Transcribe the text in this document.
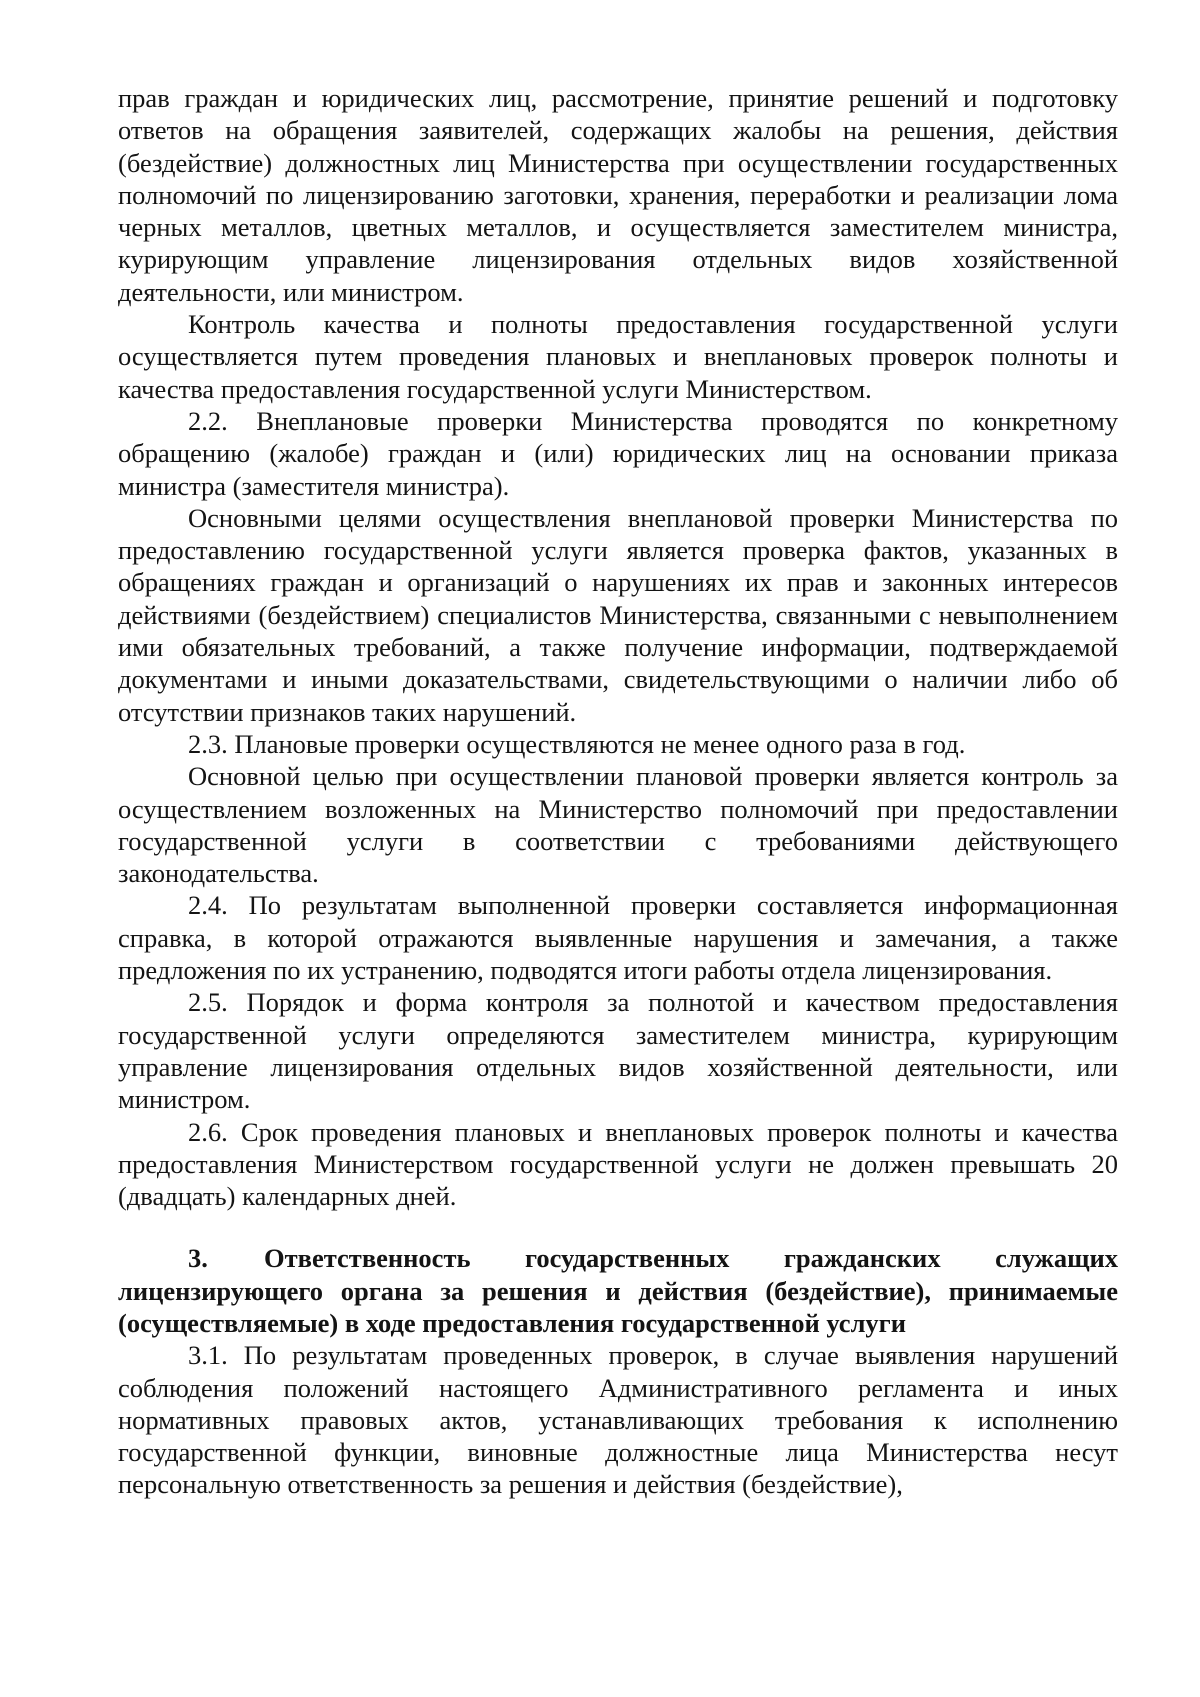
прав граждан и юридических лиц, рассмотрение, принятие решений и подготовку ответов на обращения заявителей, содержащих жалобы на решения, действия (бездействие) должностных лиц Министерства при осуществлении государственных полномочий по лицензированию заготовки, хранения, переработки и реализации лома черных металлов, цветных металлов, и осуществляется заместителем министра, курирующим управление лицензирования отдельных видов хозяйственной деятельности, или министром.

Контроль качества и полноты предоставления государственной услуги осуществляется путем проведения плановых и внеплановых проверок полноты и качества предоставления государственной услуги Министерством.

2.2. Внеплановые проверки Министерства проводятся по конкретному обращению (жалобе) граждан и (или) юридических лиц на основании приказа министра (заместителя министра).

Основными целями осуществления внеплановой проверки Министерства по предоставлению государственной услуги является проверка фактов, указанных в обращениях граждан и организаций о нарушениях их прав и законных интересов действиями (бездействием) специалистов Министерства, связанными с невыполнением ими обязательных требований, а также получение информации, подтверждаемой документами и иными доказательствами, свидетельствующими о наличии либо об отсутствии признаков таких нарушений.

2.3. Плановые проверки осуществляются не менее одного раза в год.

Основной целью при осуществлении плановой проверки является контроль за осуществлением возложенных на Министерство полномочий при предоставлении государственной услуги в соответствии с требованиями действующего законодательства.

2.4. По результатам выполненной проверки составляется информационная справка, в которой отражаются выявленные нарушения и замечания, а также предложения по их устранению, подводятся итоги работы отдела лицензирования.

2.5. Порядок и форма контроля за полнотой и качеством предоставления государственной услуги определяются заместителем министра, курирующим управление лицензирования отдельных видов хозяйственной деятельности, или министром.

2.6. Срок проведения плановых и внеплановых проверок полноты и качества предоставления Министерством государственной услуги не должен превышать 20 (двадцать) календарных дней.

3. Ответственность государственных гражданских служащих лицензирующего органа за решения и действия (бездействие), принимаемые (осуществляемые) в ходе предоставления государственной услуги

3.1. По результатам проведенных проверок, в случае выявления нарушений соблюдения положений настоящего Административного регламента и иных нормативных правовых актов, устанавливающих требования к исполнению государственной функции, виновные должностные лица Министерства несут персональную ответственность за решения и действия (бездействие),
